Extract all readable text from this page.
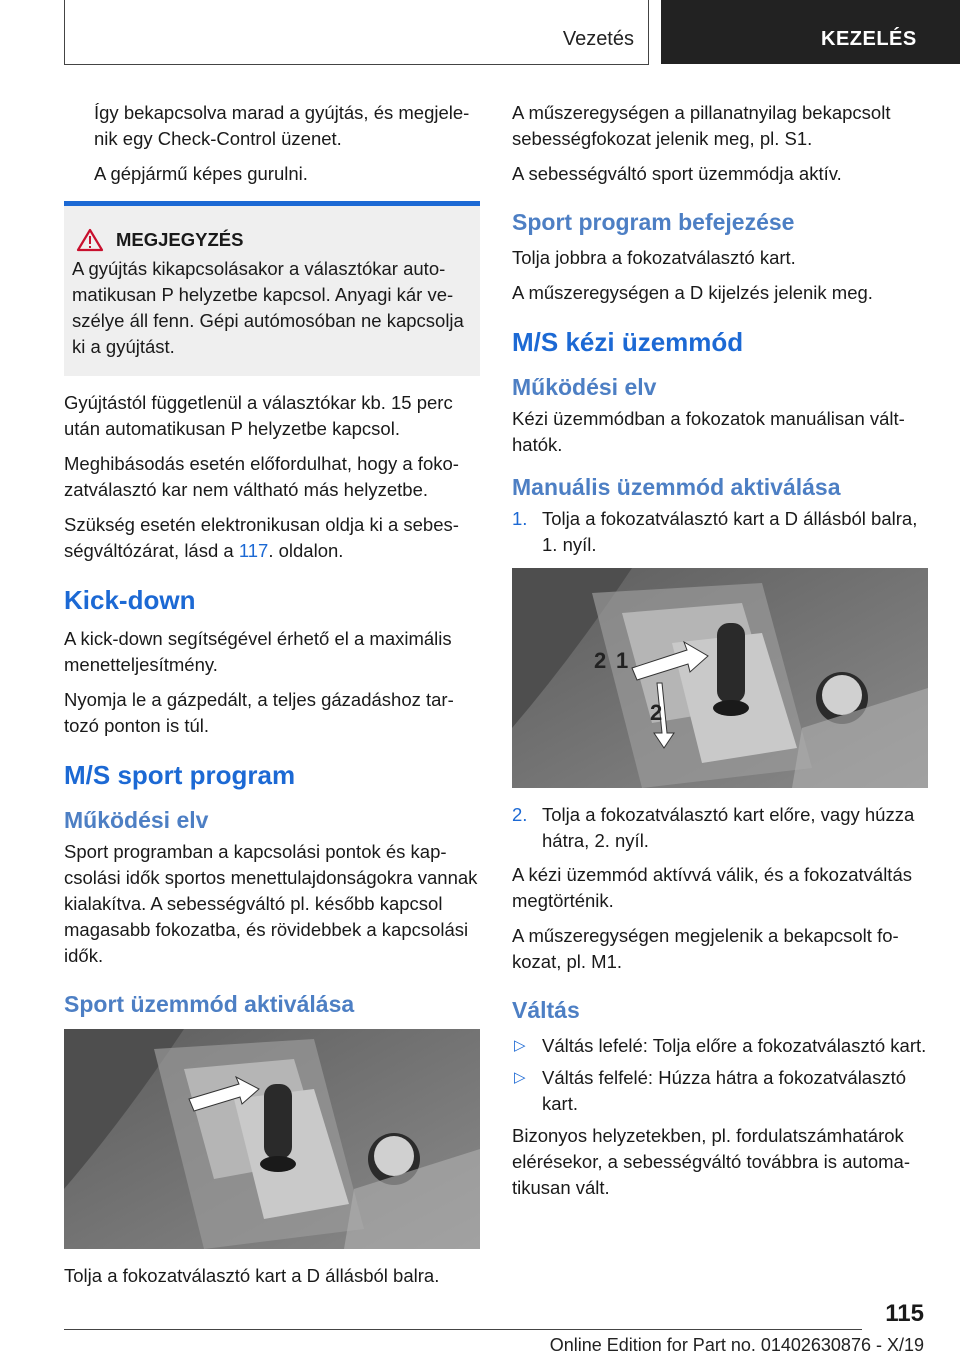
Vezetés	KEZELÉS

Így bekapcsolva marad a gyújtás, és megjelenik egy Check-Control üzenet.

A gépjármű képes gurulni.

MEGJEGYZÉS

A gyújtás kikapcsolásakor a választókar automatikusan P helyzetbe kapcsol. Anyagi kár veszélye áll fenn. Gépi autómosóban ne kapcsolja ki a gyújtást.

Gyújtástól függetlenül a választókar kb. 15 perc után automatikusan P helyzetbe kapcsol.

Meghibásodás esetén előfordulhat, hogy a fokozatválasztó kar nem váltható más helyzetbe.

Szükség esetén elektronikusan oldja ki a sebességváltózárat, lásd a 117. oldalon.

Kick-down

A kick-down segítségével érhető el a maximális menetteljesítmény.

Nyomja le a gázpedált, a teljes gázadáshoz tartozó ponton is túl.

M/S sport program
Működési elv

Sport programban a kapcsolási pontok és kapcsolási idők sportos menettulajdonságokra vannak kialakítva. A sebességváltó pl. később kapcsol magasabb fokozatba, és rövidebbek a kapcsolási idők.

Sport üzemmód aktiválása

Tolja a fokozatválasztó kart a D állásból balra.

A műszeregységen a pillanatnyilag bekapcsolt sebességfokozat jelenik meg, pl. S1.

A sebességváltó sport üzemmódja aktív.

Sport program befejezése

Tolja jobbra a fokozatválasztó kart.

A műszeregységen a D kijelzés jelenik meg.

M/S kézi üzemmód
Működési elv

Kézi üzemmódban a fokozatok manuálisan válthatók.

Manuális üzemmód aktiválása
1. Tolja a fokozatválasztó kart a D állásból balra, 1. nyíl.
1
2
2
2. Tolja a fokozatválasztó kart előre, vagy húzza hátra, 2. nyíl.

A kézi üzemmód aktívvá válik, és a fokozatváltás megtörténik.

A műszeregységen megjelenik a bekapcsolt fokozat, pl. M1.

Váltás
▷ Váltás lefelé: Tolja előre a fokozatválasztó kart.
▷ Váltás felfelé: Húzza hátra a fokozatválasztó kart.

Bizonyos helyzetekben, pl. fordulatszámhatárok elérésekor, a sebességváltó továbbra is automatikusan vált.

115
Online Edition for Part no. 01402630876 - X/19
